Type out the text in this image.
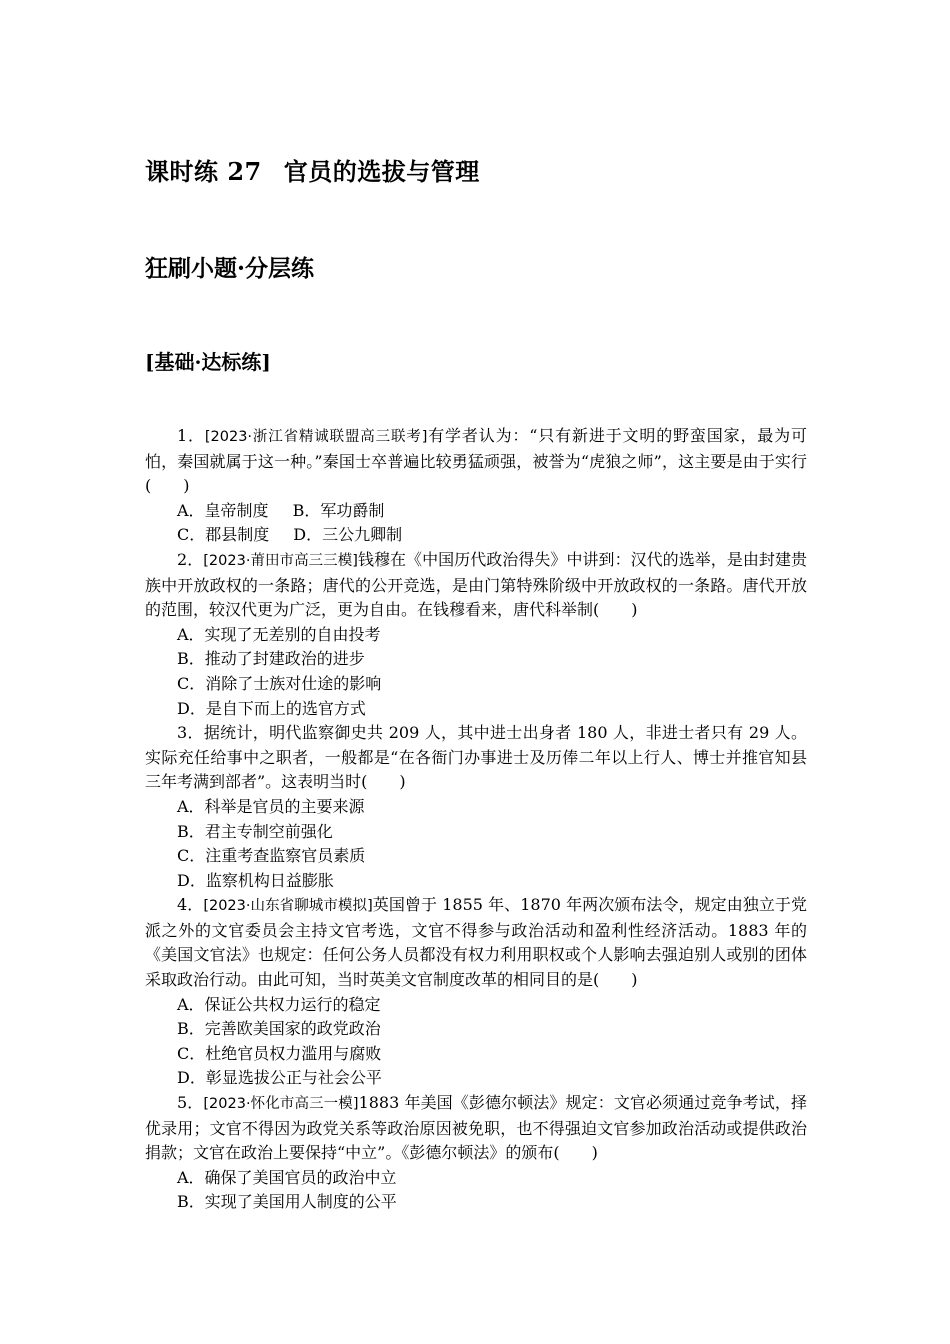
课时练 27 官员的选拔与管理
狂刷小题·分层练
[基础·达标练]

1．[2023·浙江省精诚联盟高三联考]有学者认为：“只有新进于文明的野蛮国家，最为可怕，秦国就属于这一种。”秦国士卒普遍比较勇猛顽强，被誉为“虎狼之师”，这主要是由于实行(　　)

A．皇帝制度 B．军功爵制

C．郡县制度 D．三公九卿制

2．[2023·莆田市高三三模]钱穆在《中国历代政治得失》中讲到：汉代的选举，是由封建贵族中开放政权的一条路；唐代的公开竞选，是由门第特殊阶级中开放政权的一条路。唐代开放的范围，较汉代更为广泛，更为自由。在钱穆看来，唐代科举制(　　)

A．实现了无差别的自由投考

B．推动了封建政治的进步

C．消除了士族对仕途的影响

D．是自下而上的选官方式

3．据统计，明代监察御史共 209 人，其中进士出身者 180 人，非进士者只有 29 人。实际充任给事中之职者，一般都是“在各衙门办事进士及历俸二年以上行人、博士并推官知县三年考满到部者”。这表明当时(　　)

A．科举是官员的主要来源

B．君主专制空前强化

C．注重考查监察官员素质

D．监察机构日益膨胀

4．[2023·山东省聊城市模拟]英国曾于 1855 年、1870 年两次颁布法令，规定由独立于党派之外的文官委员会主持文官考选，文官不得参与政治活动和盈利性经济活动。1883 年的《美国文官法》也规定：任何公务人员都没有权力利用职权或个人影响去强迫别人或别的团体采取政治行动。由此可知，当时英美文官制度改革的相同目的是(　　)

A．保证公共权力运行的稳定

B．完善欧美国家的政党政治

C．杜绝官员权力滥用与腐败

D．彰显选拔公正与社会公平

5．[2023·怀化市高三一模]1883 年美国《彭德尔顿法》规定：文官必须通过竞争考试，择优录用；文官不得因为政党关系等政治原因被免职，也不得强迫文官参加政治活动或提供政治捐款；文官在政治上要保持“中立”。《彭德尔顿法》的颁布(　　)

A．确保了美国官员的政治中立

B．实现了美国用人制度的公平
